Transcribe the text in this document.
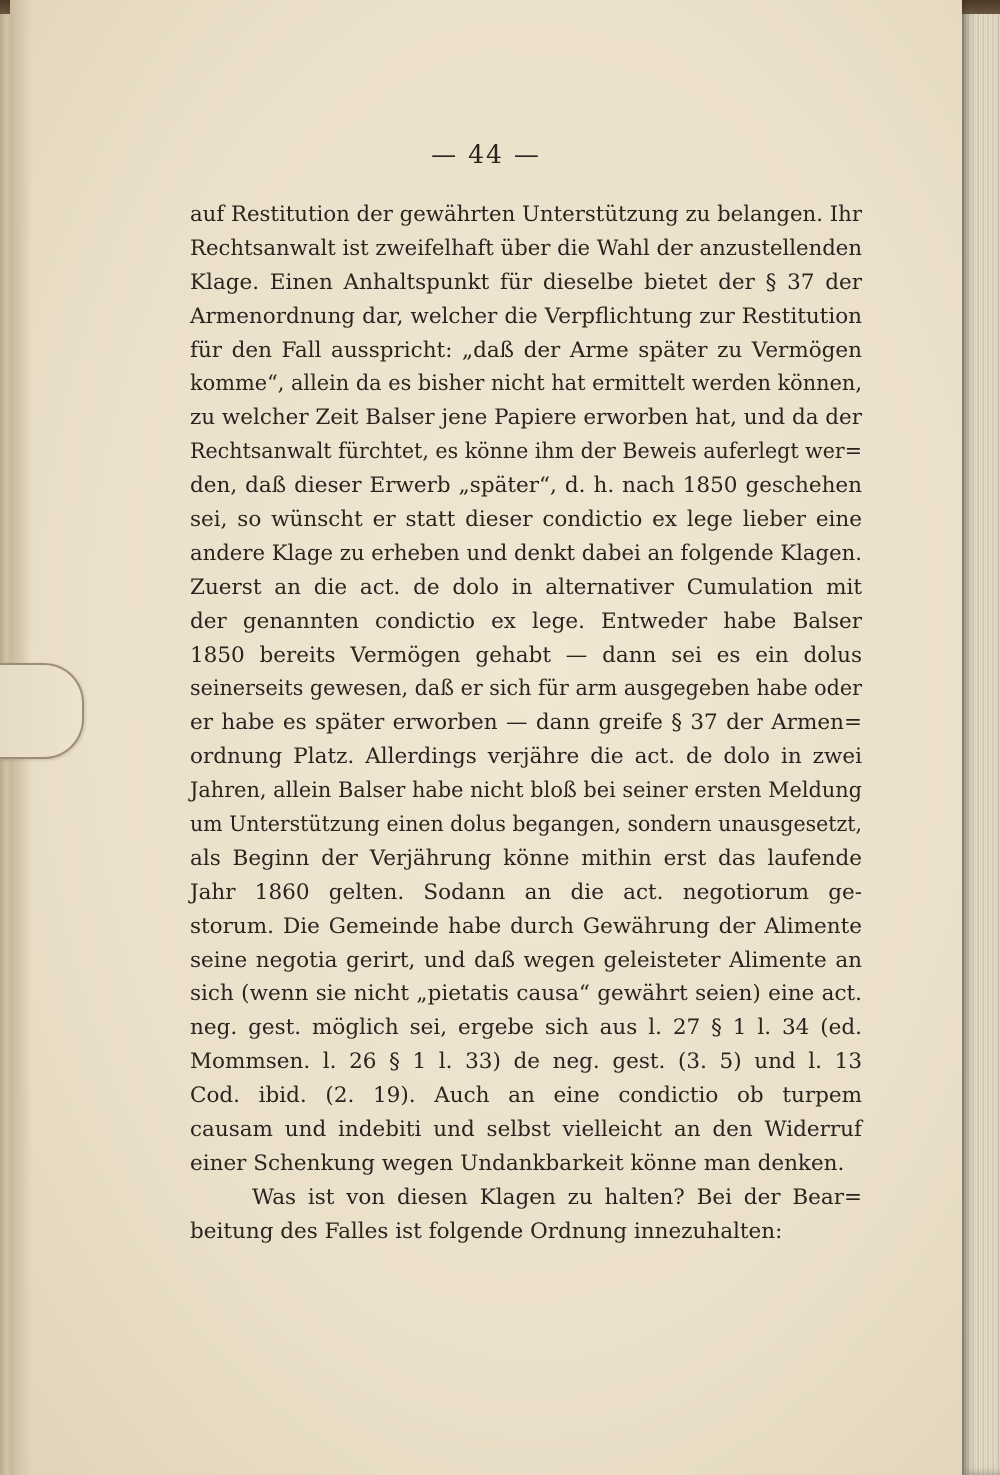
— 44 —
auf Restitution der gewährten Unterstützung zu belangen. Ihr
Rechtsanwalt ist zweifelhaft über die Wahl der anzustellenden
Klage. Einen Anhaltspunkt für dieselbe bietet der § 37 der
Armenordnung dar, welcher die Verpflichtung zur Restitution
für den Fall ausspricht: „daß der Arme später zu Vermögen
komme“, allein da es bisher nicht hat ermittelt werden können,
zu welcher Zeit Balser jene Papiere erworben hat, und da der
Rechtsanwalt fürchtet, es könne ihm der Beweis auferlegt wer=
den, daß dieser Erwerb „später“, d. h. nach 1850 geschehen
sei, so wünscht er statt dieser condictio ex lege lieber eine
andere Klage zu erheben und denkt dabei an folgende Klagen.
Zuerst an die act. de dolo in alternativer Cumulation mit
der genannten condictio ex lege. Entweder habe Balser
1850 bereits Vermögen gehabt — dann sei es ein dolus
seinerseits gewesen, daß er sich für arm ausgegeben habe oder
er habe es später erworben — dann greife § 37 der Armen=
ordnung Platz. Allerdings verjähre die act. de dolo in zwei
Jahren, allein Balser habe nicht bloß bei seiner ersten Meldung
um Unterstützung einen dolus begangen, sondern unausgesetzt,
als Beginn der Verjährung könne mithin erst das laufende
Jahr 1860 gelten. Sodann an die act. negotiorum ge-
storum. Die Gemeinde habe durch Gewährung der Alimente
seine negotia gerirt, und daß wegen geleisteter Alimente an
sich (wenn sie nicht „pietatis causa“ gewährt seien) eine act.
neg. gest. möglich sei, ergebe sich aus l. 27 § 1 l. 34 (ed.
Mommsen. l. 26 § 1 l. 33) de neg. gest. (3. 5) und l. 13
Cod. ibid. (2. 19). Auch an eine condictio ob turpem
causam und indebiti und selbst vielleicht an den Widerruf
einer Schenkung wegen Undankbarkeit könne man denken.
Was ist von diesen Klagen zu halten? Bei der Bear=
beitung des Falles ist folgende Ordnung innezuhalten:
